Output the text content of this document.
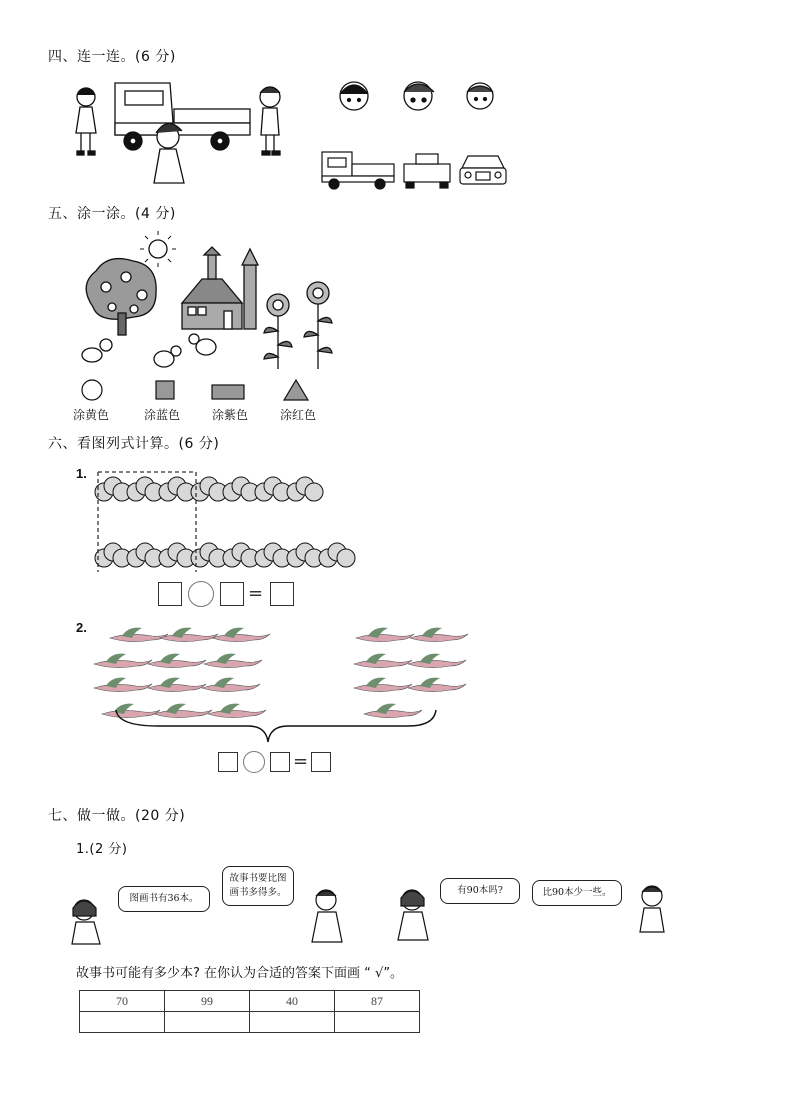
四、连一连。(6 分)
五、涂一涂。(4 分)
涂黄色	涂蓝色	涂紫色	涂红色
六、看图列式计算。(6 分)
1.
=
2.
=
七、做一做。(20 分)
1.(2 分)
图画书有36本。
故事书要比图画书多得多。	有90本吗?	比90本少一些。
故事书可能有多少本? 在你认为合适的答案下面画 “ √”。
70	99	40	87
